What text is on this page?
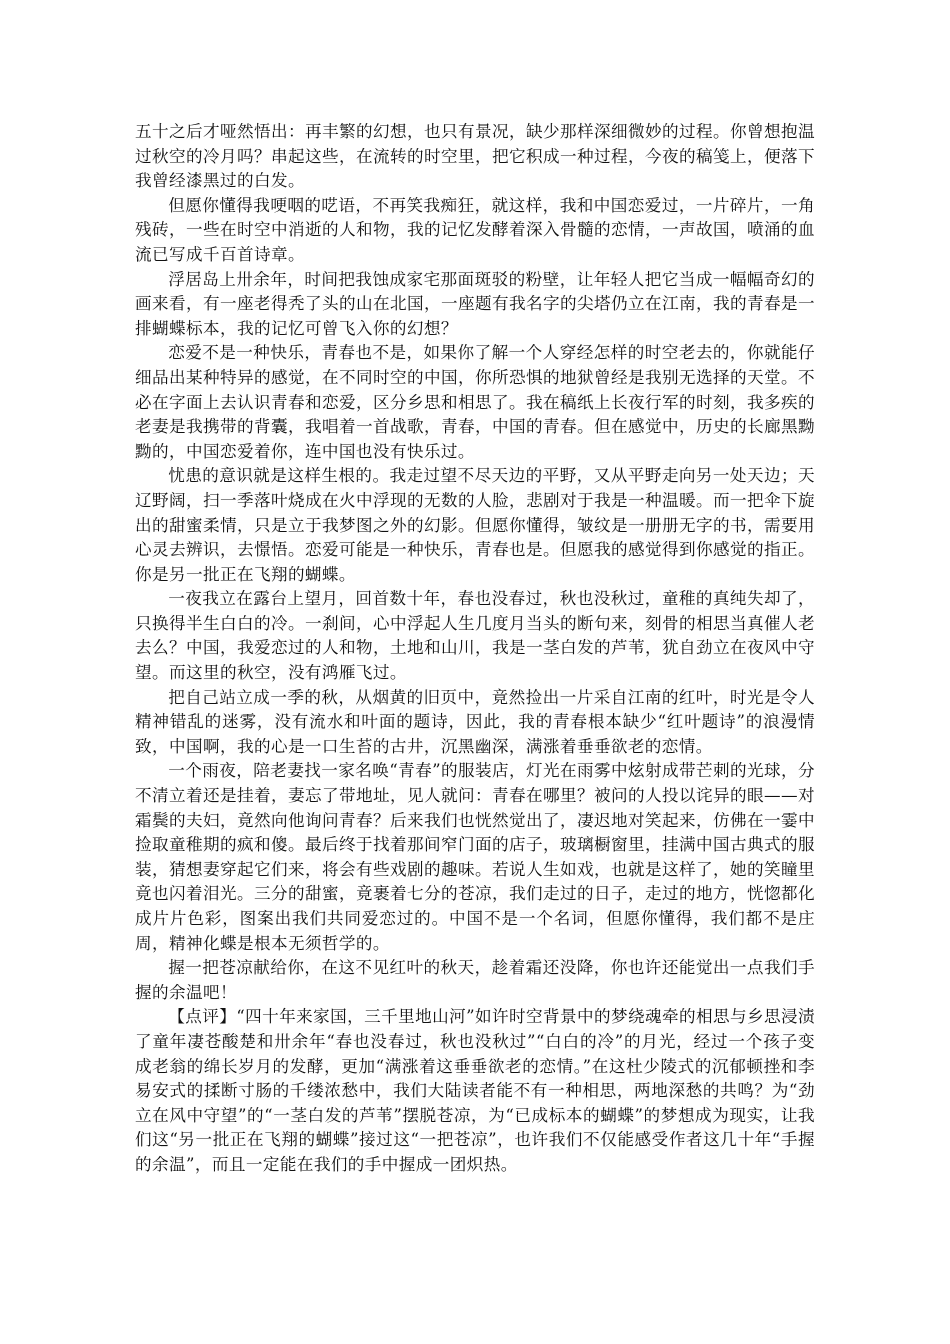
五十之后才哑然悟出：再丰繁的幻想，也只有景况，缺少那样深细微妙的过程。你曾想抱温过秋空的冷月吗？串起这些，在流转的时空里，把它积成一种过程，今夜的稿笺上，便落下我曾经漆黑过的白发。

但愿你懂得我哽咽的呓语，不再笑我痴狂，就这样，我和中国恋爱过，一片碎片，一角残砖，一些在时空中消逝的人和物，我的记忆发酵着深入骨髓的恋情，一声故国，喷涌的血流已写成千百首诗章。

浮居岛上卅余年，时间把我蚀成家宅那面斑驳的粉壁，让年轻人把它当成一幅幅奇幻的画来看，有一座老得秃了头的山在北国，一座题有我名字的尖塔仍立在江南，我的青春是一排蝴蝶标本，我的记忆可曾飞入你的幻想？

恋爱不是一种快乐，青春也不是，如果你了解一个人穿经怎样的时空老去的，你就能仔细品出某种特异的感觉，在不同时空的中国，你所恐惧的地狱曾经是我别无选择的天堂。不必在字面上去认识青春和恋爱，区分乡思和相思了。我在稿纸上长夜行军的时刻，我多疾的老妻是我携带的背囊，我唱着一首战歌，青春，中国的青春。但在感觉中，历史的长廊黑黝黝的，中国恋爱着你，连中国也没有快乐过。

忧患的意识就是这样生根的。我走过望不尽天边的平野，又从平野走向另一处天边；天辽野阔，扫一季落叶烧成在火中浮现的无数的人脸，悲剧对于我是一种温暖。而一把伞下旋出的甜蜜柔情，只是立于我梦图之外的幻影。但愿你懂得，皱纹是一册册无字的书，需要用心灵去辨识，去憬悟。恋爱可能是一种快乐，青春也是。但愿我的感觉得到你感觉的指正。你是另一批正在飞翔的蝴蝶。

一夜我立在露台上望月，回首数十年，春也没春过，秋也没秋过，童稚的真纯失却了，只换得半生白白的冷。一刹间，心中浮起人生几度月当头的断句来，刻骨的相思当真催人老去么？中国，我爱恋过的人和物，土地和山川，我是一茎白发的芦苇，犹自劲立在夜风中守望。而这里的秋空，没有鸿雁飞过。

把自己站立成一季的秋，从烟黄的旧页中，竟然捡出一片采自江南的红叶，时光是令人精神错乱的迷雾，没有流水和叶面的题诗，因此，我的青春根本缺少“红叶题诗”的浪漫情致，中国啊，我的心是一口生苔的古井，沉黑幽深，满涨着垂垂欲老的恋情。

一个雨夜，陪老妻找一家名唤“青春”的服装店，灯光在雨雾中炫射成带芒刺的光球，分不清立着还是挂着，妻忘了带地址，见人就问：青春在哪里？被问的人投以诧异的眼——对霜鬓的夫妇，竟然向他询问青春？后来我们也恍然觉出了，凄迟地对笑起来，仿佛在一霎中捡取童稚期的疯和傻。最后终于找着那间窄门面的店子，玻璃橱窗里，挂满中国古典式的服装，猜想妻穿起它们来，将会有些戏剧的趣味。若说人生如戏，也就是这样了，她的笑瞳里竟也闪着泪光。三分的甜蜜，竟裹着七分的苍凉，我们走过的日子，走过的地方，恍惚都化成片片色彩，图案出我们共同爱恋过的。中国不是一个名词，但愿你懂得，我们都不是庄周，精神化蝶是根本无须哲学的。

握一把苍凉献给你，在这不见红叶的秋天，趁着霜还没降，你也许还能觉出一点我们手握的余温吧！

【点评】“四十年来家国，三千里地山河”如许时空背景中的梦绕魂牵的相思与乡思浸渍了童年凄苍酸楚和卅余年“春也没春过，秋也没秋过”“白白的冷”的月光，经过一个孩子变成老翁的绵长岁月的发酵，更加“满涨着这垂垂欲老的恋情。”在这杜少陵式的沉郁顿挫和李易安式的揉断寸肠的千缕浓愁中，我们大陆读者能不有一种相思，两地深愁的共鸣？为“劲立在风中守望”的“一茎白发的芦苇”摆脱苍凉，为“已成标本的蝴蝶”的梦想成为现实，让我们这“另一批正在飞翔的蝴蝶”接过这“一把苍凉”，也许我们不仅能感受作者这几十年“手握的余温”，而且一定能在我们的手中握成一团炽热。
